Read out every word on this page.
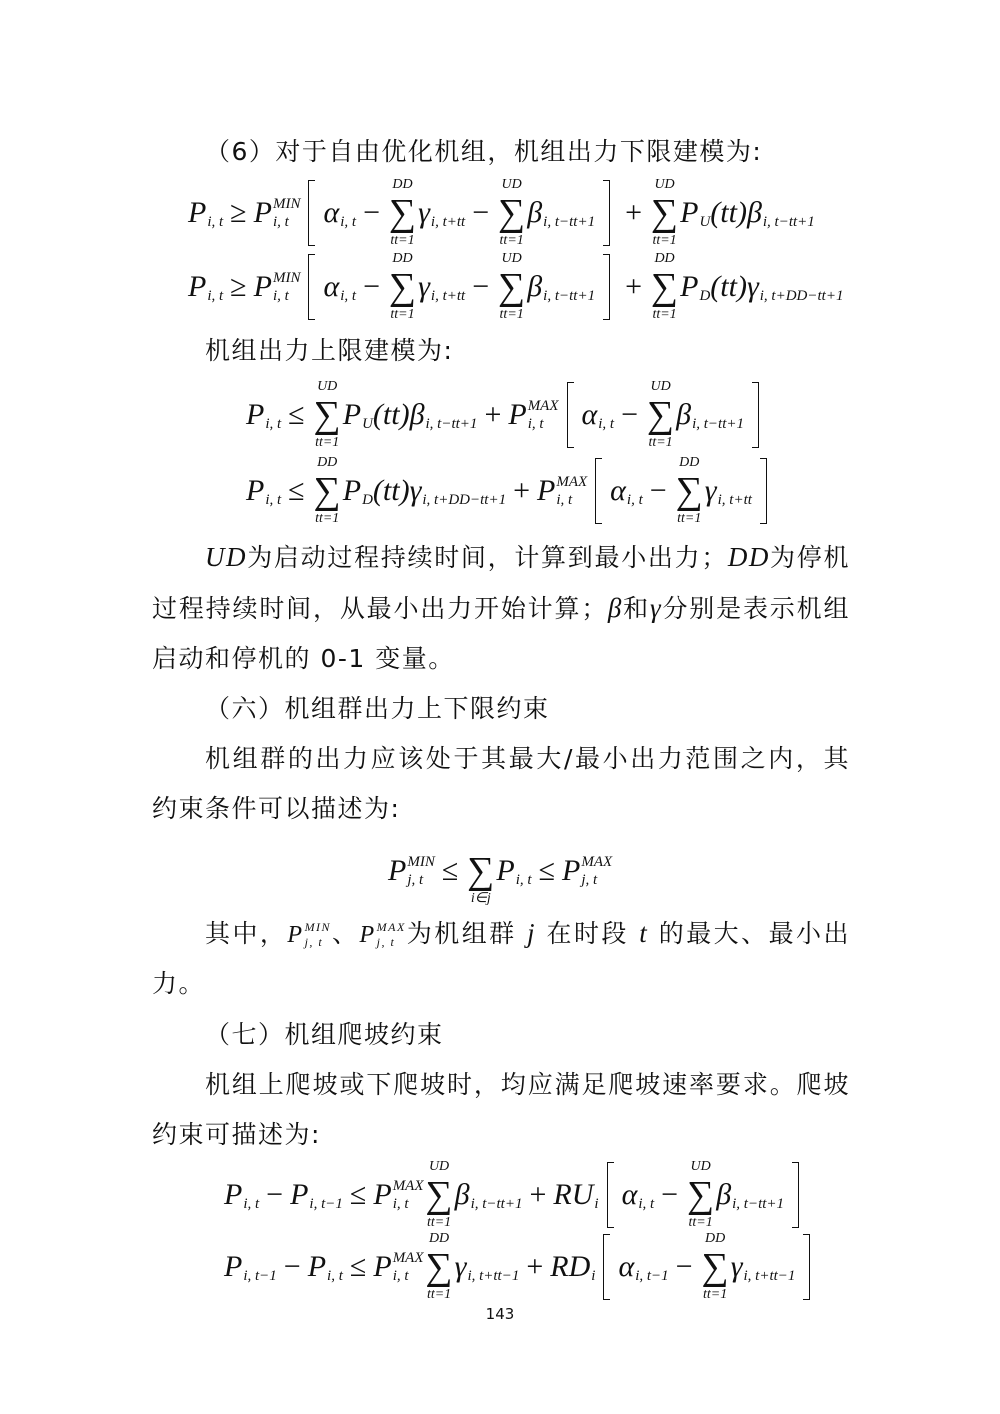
（6）对于自由优化机组，机组出力下限建模为:
P i, t ≥ P MIN
i, t	α i, t −
DD
∑
tt=1
γ i, t+tt −
UD
∑
tt=1
β i, t−tt+1 +
UD
∑
tt=1
P U (tt) β i, t−tt+1
P i, t ≥ P MIN
i, t	α i, t −
DD
∑
tt=1
γ i, t+tt −
UD
∑
tt=1
β i, t−tt+1 +
DD
∑
tt=1
P D (tt) γ i, t+DD−tt+1
机组出力上限建模为:
P i, t ≤
UD
∑
tt=1
P U (tt) β i, t−tt+1 + P MAX
i, t	α i, t −
UD
∑
tt=1
β i, t−tt+1
P i, t ≤
DD
∑
tt=1
P D (tt) γ i, t+DD−tt+1 + P MAX
i, t	α i, t −
DD
∑
tt=1
γ i, t+tt
UD为启动过程持续时间，计算到最小出力；DD为停机过程持续时间，从最小出力开始计算；β和γ分别是表示机组启动和停机的 0-1 变量。
（六）机组群出力上下限约束
机组群的出力应该处于其最大/最小出力范围之内，其约束条件可以描述为:
P MIN
j, t ≤ ∑
i∈j
P i, t ≤ P MAX
j, t
其中， P MIN
j, t 、 P MAX
j, t 为机组群 j 在时段 t 的最大、最小出力。
（七）机组爬坡约束
机组上爬坡或下爬坡时，均应满足爬坡速率要求。爬坡约束可描述为:
P i, t − P i, t−1 ≤ P MAX
i, t
UD
∑
tt=1
β i, t−tt+1 + RU i α i, t −
UD
∑
tt=1
β i, t−tt+1
P i, t−1 − P i, t ≤ P MAX
i, t
DD
∑
tt=1
γ i, t+tt−1 + RD i α i, t−1 −
DD
∑
tt=1
γ i, t+tt−1
143
